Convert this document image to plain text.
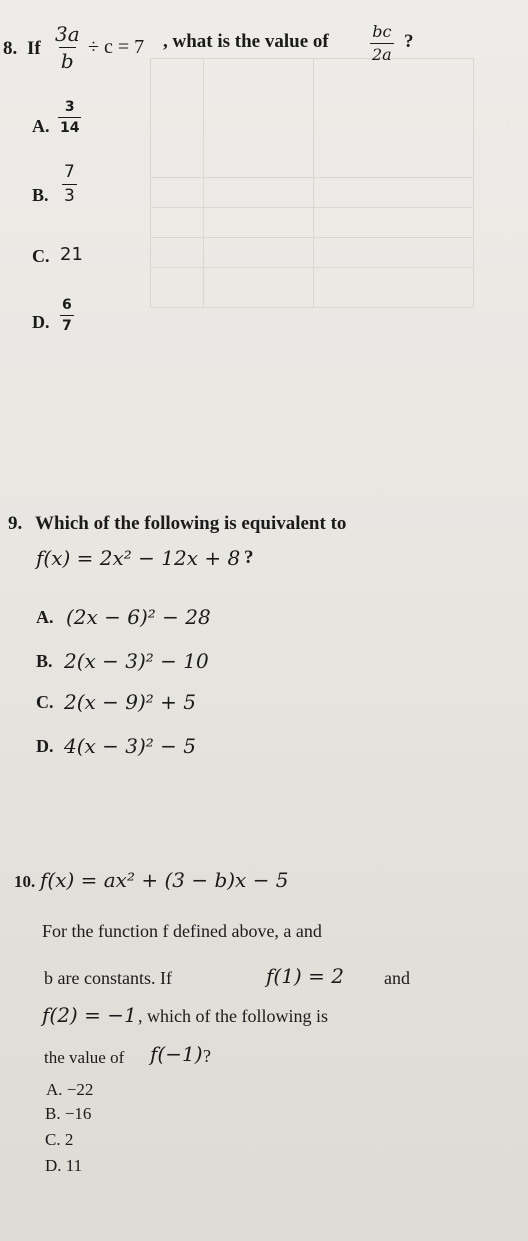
8. If $\frac{3a}{b} \div c = 7$ , what is the value of	$\frac{bc}{2a}$ ?
A. $\frac{3}{14}$
B. $\frac{7}{3}$
C. 21
D. $\frac{6}{7}$
9. Which of the following is equivalent to
f(x) = 2x² − 12x + 8 ?
A. (2x − 6)² − 28
B. 2(x − 3)² − 10
C. 2(x − 9)² + 5
D. 4(x − 3)² − 5
10. f(x) = ax² + (3 − b)x − 5
For the function f defined above, a and
b are constants. If	f(1) = 2 and
f(2) = −1 , which of the following is
the value of f(−1) ?
A. −22
B. −16
C. 2
D. 11
